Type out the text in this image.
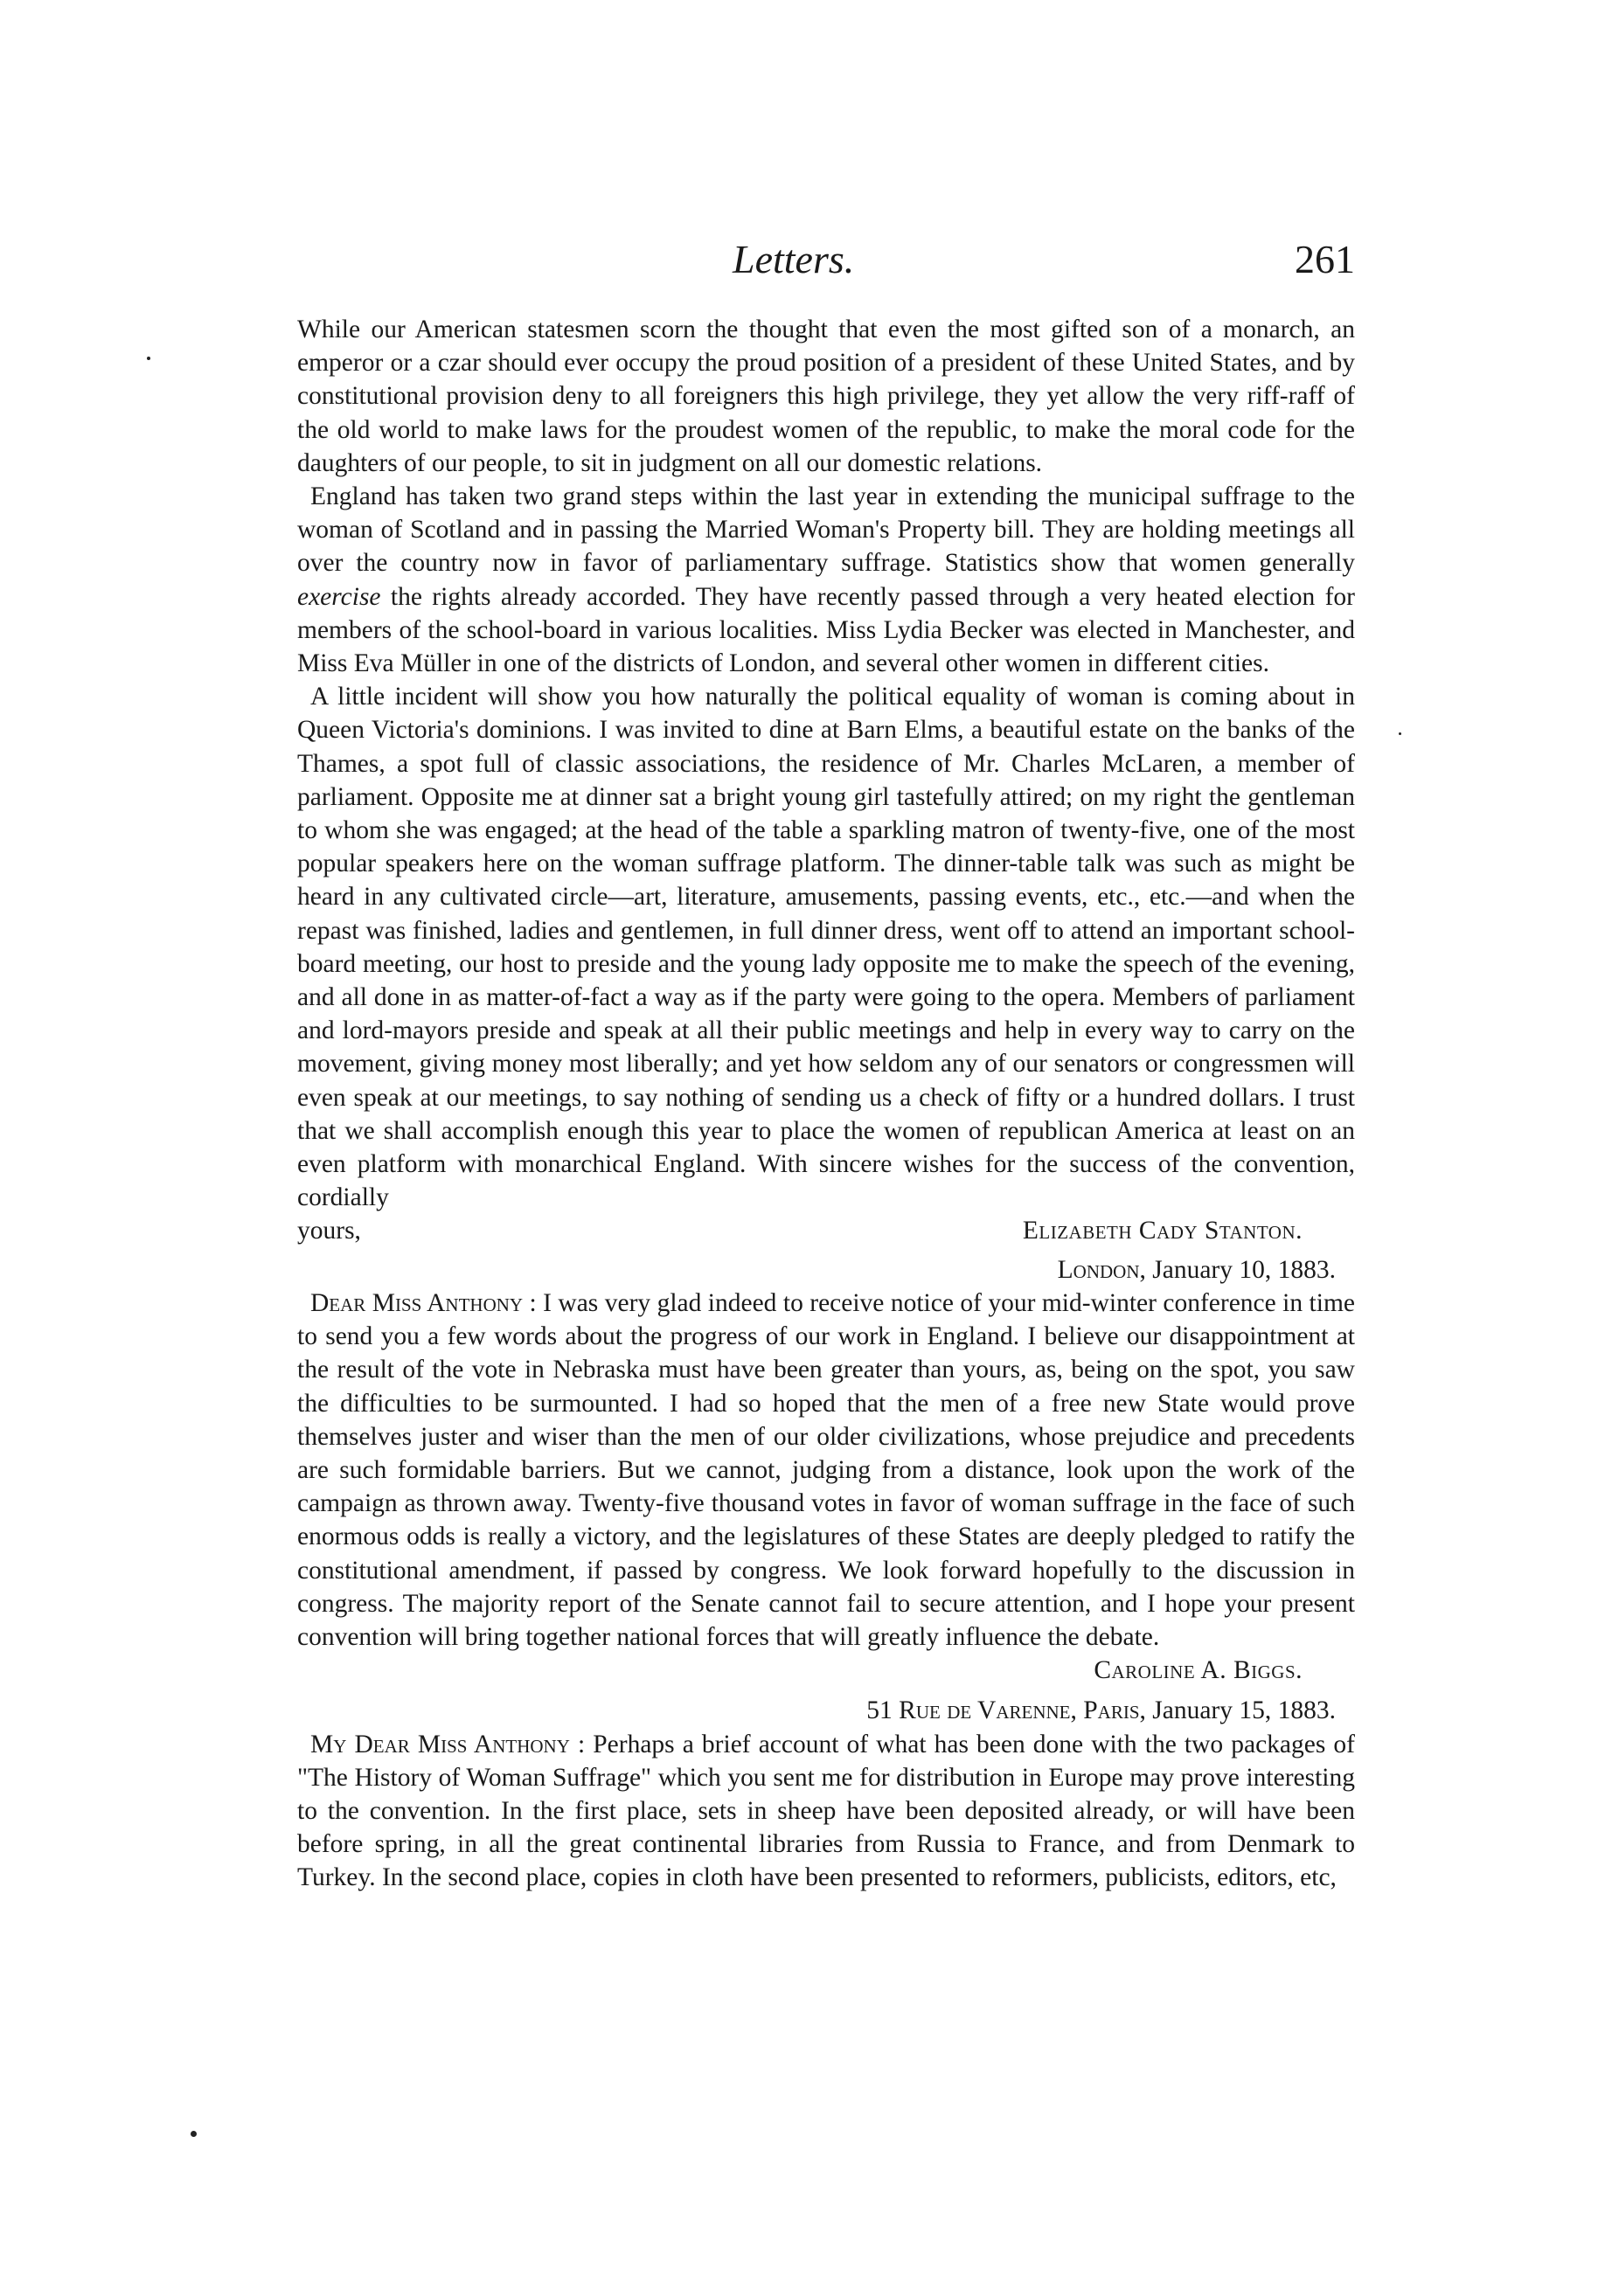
Letters.	261

While our American statesmen scorn the thought that even the most gifted son of a monarch, an emperor or a czar should ever occupy the proud position of a president of these United States, and by constitutional provision deny to all foreigners this high privilege, they yet allow the very riff-raff of the old world to make laws for the proudest women of the republic, to make the moral code for the daughters of our people, to sit in judgment on all our domestic relations.

England has taken two grand steps within the last year in extending the municipal suffrage to the woman of Scotland and in passing the Married Woman's Property bill. They are holding meetings all over the country now in favor of parliamentary suffrage. Statistics show that women generally exercise the rights already accorded. They have recently passed through a very heated election for members of the school-board in various localities. Miss Lydia Becker was elected in Manchester, and Miss Eva Müller in one of the districts of London, and several other women in different cities.

A little incident will show you how naturally the political equality of woman is coming about in Queen Victoria's dominions. I was invited to dine at Barn Elms, a beautiful estate on the banks of the Thames, a spot full of classic associations, the residence of Mr. Charles McLaren, a member of parliament. Opposite me at dinner sat a bright young girl tastefully attired; on my right the gentleman to whom she was engaged; at the head of the table a sparkling matron of twenty-five, one of the most popular speakers here on the woman suffrage platform. The dinner-table talk was such as might be heard in any cultivated circle—art, literature, amusements, passing events, etc., etc.—and when the repast was finished, ladies and gentlemen, in full dinner dress, went off to attend an important school-board meeting, our host to preside and the young lady opposite me to make the speech of the evening, and all done in as matter-of-fact a way as if the party were going to the opera. Members of parliament and lord-mayors preside and speak at all their public meetings and help in every way to carry on the movement, giving money most liberally; and yet how seldom any of our senators or congressmen will even speak at our meetings, to say nothing of sending us a check of fifty or a hundred dollars. I trust that we shall accomplish enough this year to place the women of republican America at least on an even platform with monarchical England. With sincere wishes for the success of the convention, cordially

yours,	Elizabeth Cady Stanton.

London, January 10, 1883.

Dear Miss Anthony : I was very glad indeed to receive notice of your mid-winter conference in time to send you a few words about the progress of our work in England. I believe our disappointment at the result of the vote in Nebraska must have been greater than yours, as, being on the spot, you saw the difficulties to be surmounted. I had so hoped that the men of a free new State would prove themselves juster and wiser than the men of our older civilizations, whose prejudice and precedents are such formidable barriers. But we cannot, judging from a distance, look upon the work of the campaign as thrown away. Twenty-five thousand votes in favor of woman suffrage in the face of such enormous odds is really a victory, and the legislatures of these States are deeply pledged to ratify the constitutional amendment, if passed by congress. We look forward hopefully to the discussion in congress. The majority report of the Senate cannot fail to secure attention, and I hope your present convention will bring together national forces that will greatly influence the debate.

Caroline A. Biggs.

51 Rue de Varenne, Paris, January 15, 1883.

My Dear Miss Anthony : Perhaps a brief account of what has been done with the two packages of "The History of Woman Suffrage" which you sent me for distribution in Europe may prove interesting to the convention. In the first place, sets in sheep have been deposited already, or will have been before spring, in all the great continental libraries from Russia to France, and from Denmark to Turkey. In the second place, copies in cloth have been presented to reformers, publicists, editors, etc,
